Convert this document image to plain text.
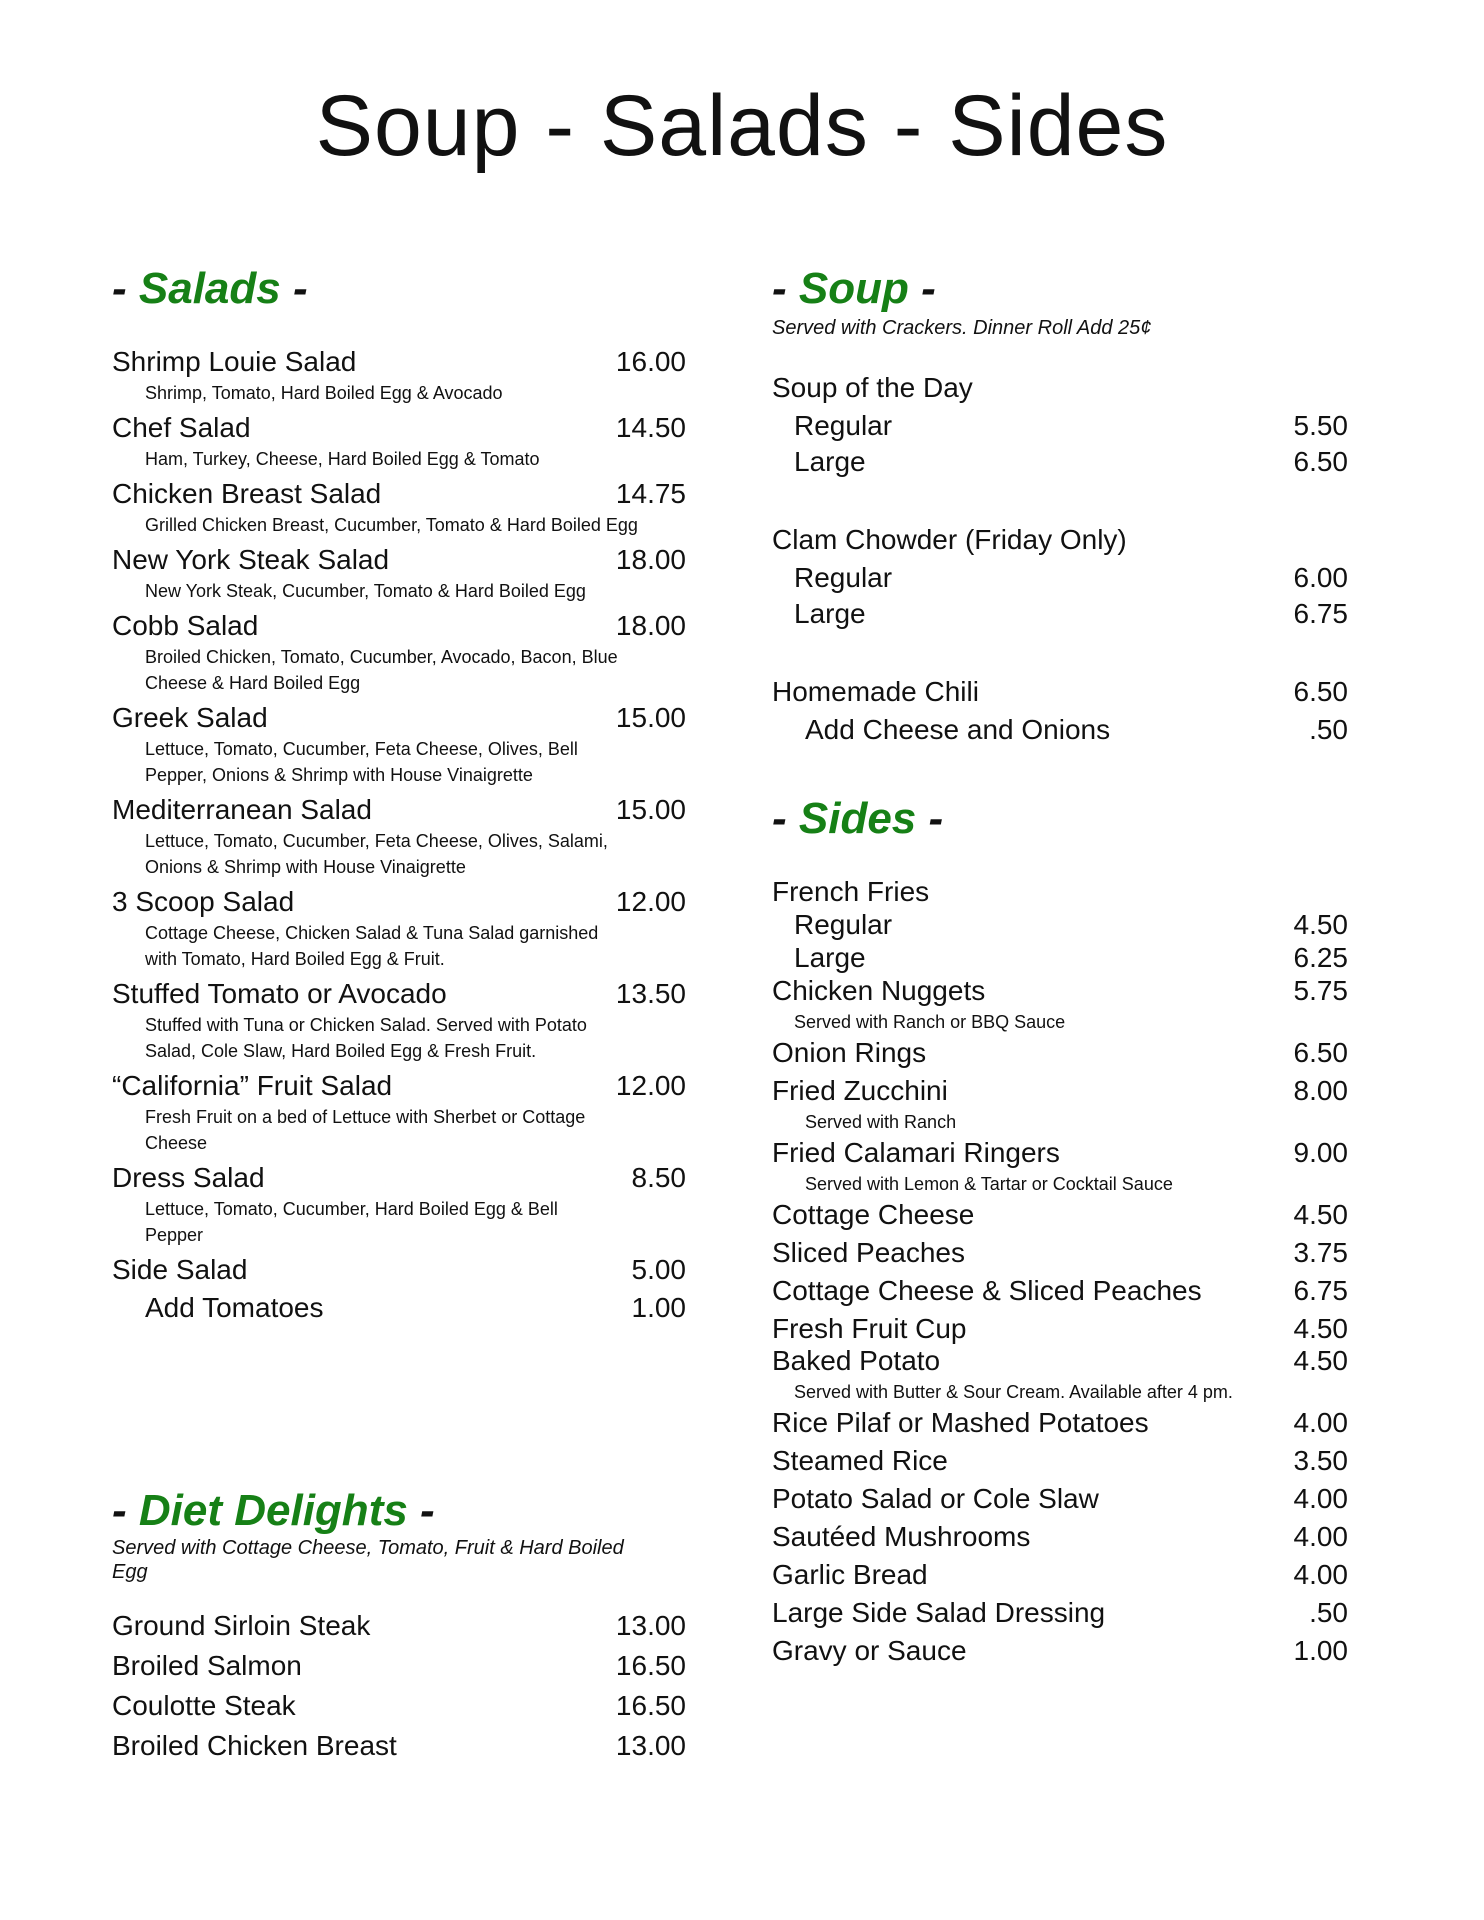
Soup - Salads - Sides
- Salads -
Shrimp Louie Salad	16.00
Shrimp, Tomato, Hard Boiled Egg & Avocado
Chef Salad	14.50
Ham, Turkey, Cheese, Hard Boiled Egg & Tomato
Chicken Breast Salad	14.75
Grilled Chicken Breast, Cucumber, Tomato & Hard Boiled Egg
New York Steak Salad	18.00
New York Steak, Cucumber, Tomato & Hard Boiled Egg
Cobb Salad	18.00
Broiled Chicken, Tomato, Cucumber, Avocado, Bacon, Blue
Cheese & Hard Boiled Egg
Greek Salad	15.00
Lettuce, Tomato, Cucumber, Feta Cheese, Olives, Bell
Pepper, Onions & Shrimp with House Vinaigrette
Mediterranean Salad	15.00
Lettuce, Tomato, Cucumber, Feta Cheese, Olives, Salami,
Onions & Shrimp with House Vinaigrette
3 Scoop Salad	12.00
Cottage Cheese, Chicken Salad & Tuna Salad garnished
with Tomato, Hard Boiled Egg & Fruit.
Stuffed Tomato or Avocado	13.50
Stuffed with Tuna or Chicken Salad. Served with Potato
Salad, Cole Slaw, Hard Boiled Egg & Fresh Fruit.
“California” Fruit Salad	12.00
Fresh Fruit on a bed of Lettuce with Sherbet or Cottage
Cheese
Dress Salad	8.50
Lettuce, Tomato, Cucumber, Hard Boiled Egg & Bell
Pepper
Side Salad	5.00
Add Tomatoes	1.00
- Diet Delights -
Served with Cottage Cheese, Tomato, Fruit & Hard Boiled
Egg
Ground Sirloin Steak	13.00
Broiled Salmon	16.50
Coulotte Steak	16.50
Broiled Chicken Breast	13.00
- Soup -
Served with Crackers. Dinner Roll Add 25¢
Soup of the Day
Regular	5.50
Large	6.50
Clam Chowder (Friday Only)
Regular	6.00
Large	6.75
Homemade Chili	6.50
Add Cheese and Onions	.50
- Sides -
French Fries
Regular	4.50
Large	6.25
Chicken Nuggets	5.75
Served with Ranch or BBQ Sauce
Onion Rings	6.50
Fried Zucchini	8.00
Served with Ranch
Fried Calamari Ringers	9.00
Served with Lemon & Tartar or Cocktail Sauce
Cottage Cheese	4.50
Sliced Peaches	3.75
Cottage Cheese & Sliced Peaches	6.75
Fresh Fruit Cup	4.50
Baked Potato	4.50
Served with Butter & Sour Cream. Available after 4 pm.
Rice Pilaf or Mashed Potatoes	4.00
Steamed Rice	3.50
Potato Salad or Cole Slaw	4.00
Sautéed Mushrooms	4.00
Garlic Bread	4.00
Large Side Salad Dressing	.50
Gravy or Sauce	1.00
